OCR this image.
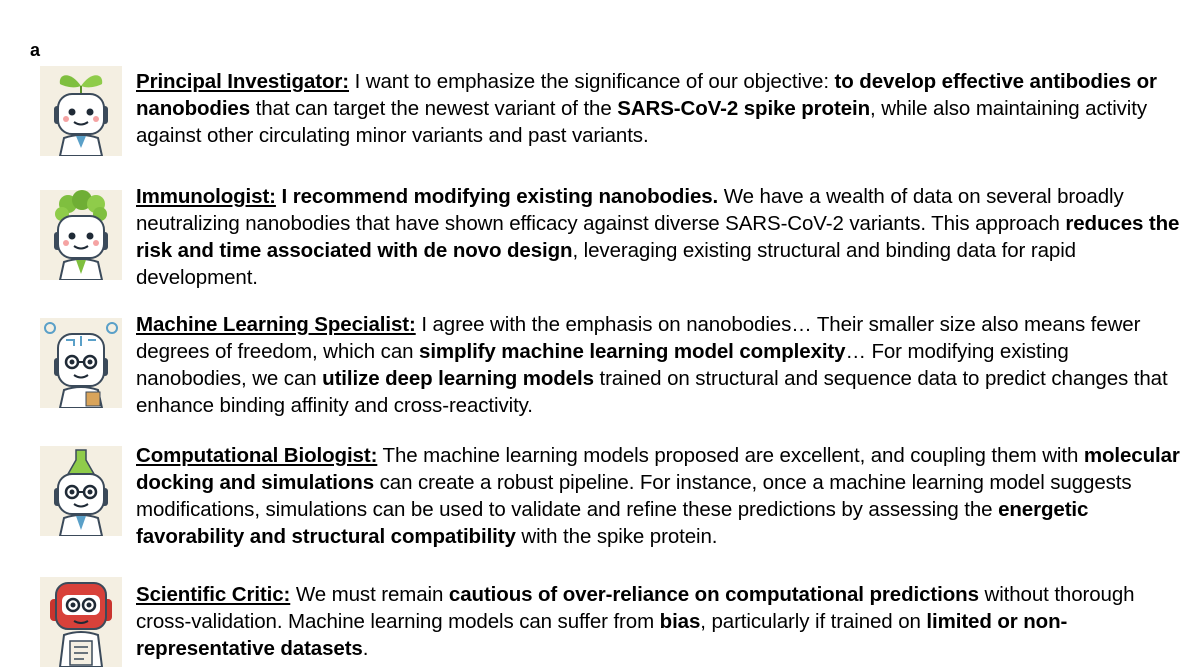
a
Principal Investigator: I want to emphasize the significance of our objective: to develop effective antibodies or nanobodies that can target the newest variant of the SARS-CoV-2 spike protein, while also maintaining activity against other circulating minor variants and past variants.
Immunologist: I recommend modifying existing nanobodies. We have a wealth of data on several broadly neutralizing nanobodies that have shown efficacy against diverse SARS-CoV-2 variants. This approach reduces the risk and time associated with de novo design, leveraging existing structural and binding data for rapid development.
Machine Learning Specialist: I agree with the emphasis on nanobodies… Their smaller size also means fewer degrees of freedom, which can simplify machine learning model complexity… For modifying existing nanobodies, we can utilize deep learning models trained on structural and sequence data to predict changes that enhance binding affinity and cross-reactivity.
Computational Biologist: The machine learning models proposed are excellent, and coupling them with molecular docking and simulations can create a robust pipeline. For instance, once a machine learning model suggests modifications, simulations can be used to validate and refine these predictions by assessing the energetic favorability and structural compatibility with the spike protein.
Scientific Critic: We must remain cautious of over-reliance on computational predictions without thorough cross-validation. Machine learning models can suffer from bias, particularly if trained on limited or non-representative datasets.
